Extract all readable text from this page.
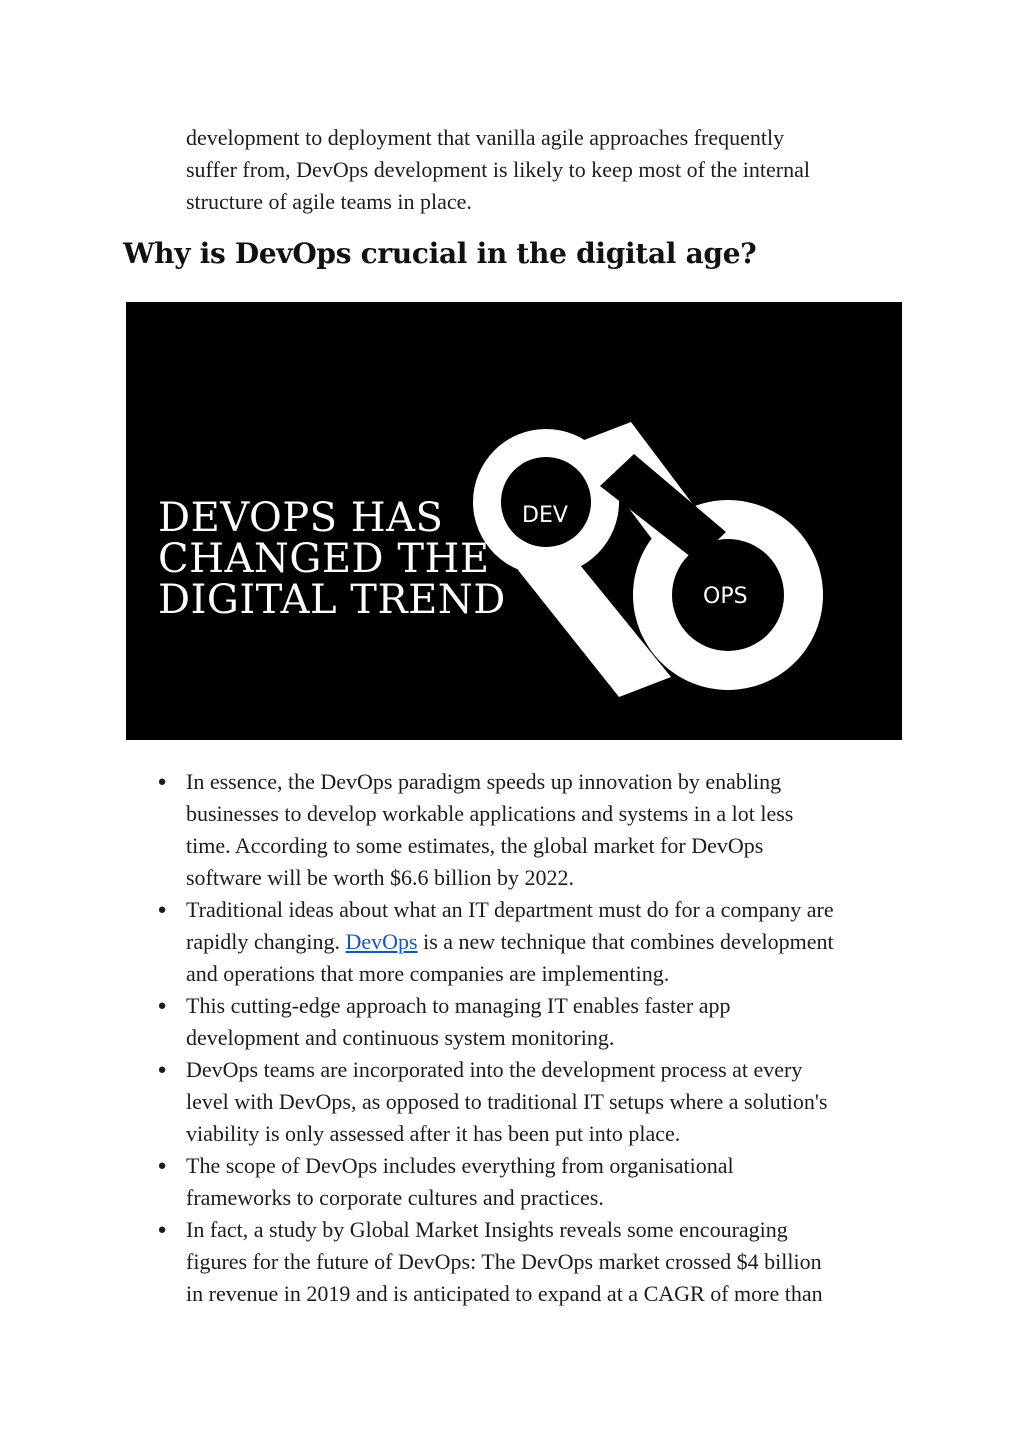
development to deployment that vanilla agile approaches frequently
suffer from, DevOps development is likely to keep most of the internal
structure of agile teams in place.

Why is DevOps crucial in the digital age?
DEVOPS HAS
CHANGED THE
DIGITAL TREND
DEV
OPS
● In essence, the DevOps paradigm speeds up innovation by enabling
businesses to develop workable applications and systems in a lot less
time. According to some estimates, the global market for DevOps
software will be worth $6.6 billion by 2022.
● Traditional ideas about what an IT department must do for a company are
rapidly changing. DevOps is a new technique that combines development
and operations that more companies are implementing.
● This cutting-edge approach to managing IT enables faster app
development and continuous system monitoring.
● DevOps teams are incorporated into the development process at every
level with DevOps, as opposed to traditional IT setups where a solution's
viability is only assessed after it has been put into place.
● The scope of DevOps includes everything from organisational
frameworks to corporate cultures and practices.
● In fact, a study by Global Market Insights reveals some encouraging
figures for the future of DevOps: The DevOps market crossed $4 billion
in revenue in 2019 and is anticipated to expand at a CAGR of more than
